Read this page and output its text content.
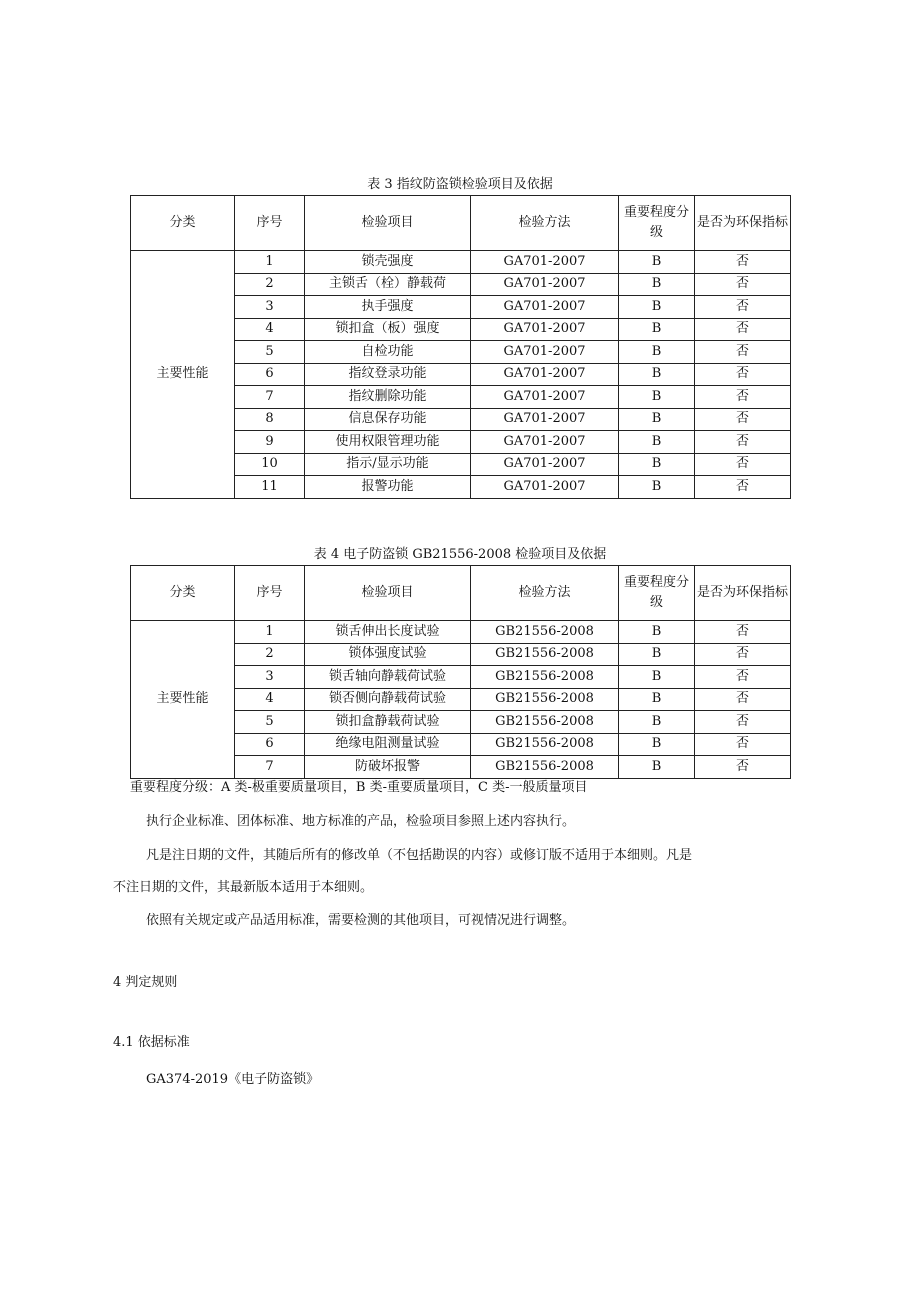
表 3 指纹防盗锁检验项目及依据
分类	序号	检验项目	检验方法	重要程度分级	是否为环保指标
主要性能	1	锁壳强度	GA701-2007	B	否
	2	主锁舌（栓）静载荷	GA701-2007	B	否
	3	执手强度	GA701-2007	B	否
	4	锁扣盒（板）强度	GA701-2007	B	否
	5	自检功能	GA701-2007	B	否
	6	指纹登录功能	GA701-2007	B	否
	7	指纹删除功能	GA701-2007	B	否
	8	信息保存功能	GA701-2007	B	否
	9	使用权限管理功能	GA701-2007	B	否
	10	指示/显示功能	GA701-2007	B	否
	11	报警功能	GA701-2007	B	否
表 4 电子防盗锁 GB21556-2008 检验项目及依据
分类	序号	检验项目	检验方法	重要程度分级	是否为环保指标
主要性能	1	锁舌伸出长度试验	GB21556-2008	B	否
	2	锁体强度试验	GB21556-2008	B	否
	3	锁舌轴向静载荷试验	GB21556-2008	B	否
	4	锁否侧向静载荷试验	GB21556-2008	B	否
	5	锁扣盒静载荷试验	GB21556-2008	B	否
	6	绝缘电阻测量试验	GB21556-2008	B	否
	7	防破坏报警	GB21556-2008	B	否
重要程度分级：A 类-极重要质量项目，B 类-重要质量项目，C 类-一般质量项目
执行企业标准、团体标准、地方标准的产品，检验项目参照上述内容执行。
凡是注日期的文件，其随后所有的修改单（不包括勘误的内容）或修订版不适用于本细则。凡是
不注日期的文件，其最新版本适用于本细则。
依照有关规定或产品适用标准，需要检测的其他项目，可视情况进行调整。
4 判定规则
4.1 依据标准
GA374-2019《电子防盗锁》
